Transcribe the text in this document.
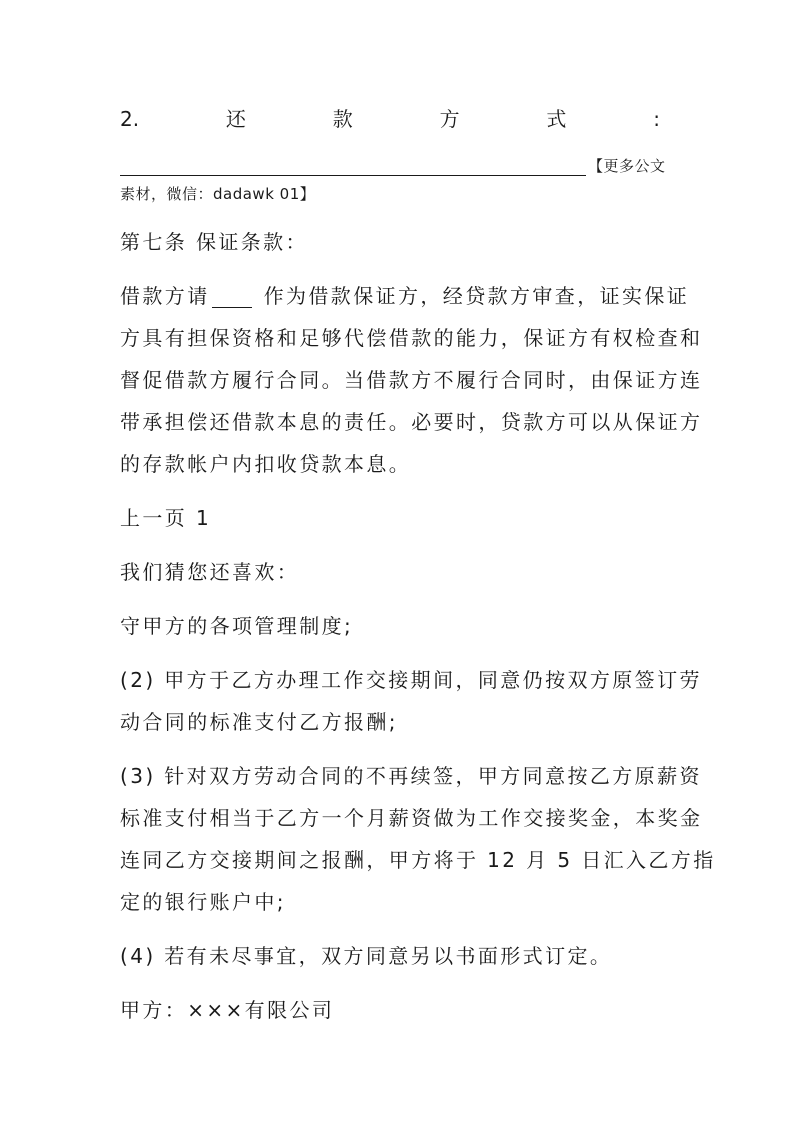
2.	还	款	方	式	:
【更多公文
素材，微信：dadawk 01】
第七条 保证条款：
借款方请	作为借款保证方，经贷款方审查，证实保证
方具有担保资格和足够代偿借款的能力，保证方有权检查和
督促借款方履行合同。当借款方不履行合同时，由保证方连
带承担偿还借款本息的责任。必要时，贷款方可以从保证方
的存款帐户内扣收贷款本息。
上一页 1
我们猜您还喜欢：
守甲方的各项管理制度;
(2) 甲方于乙方办理工作交接期间，同意仍按双方原签订劳
动合同的标准支付乙方报酬;
(3) 针对双方劳动合同的不再续签，甲方同意按乙方原薪资
标准支付相当于乙方一个月薪资做为工作交接奖金，本奖金
连同乙方交接期间之报酬，甲方将于 12 月 5 日汇入乙方指
定的银行账户中;
(4) 若有未尽事宜，双方同意另以书面形式订定。
甲方：×××有限公司
